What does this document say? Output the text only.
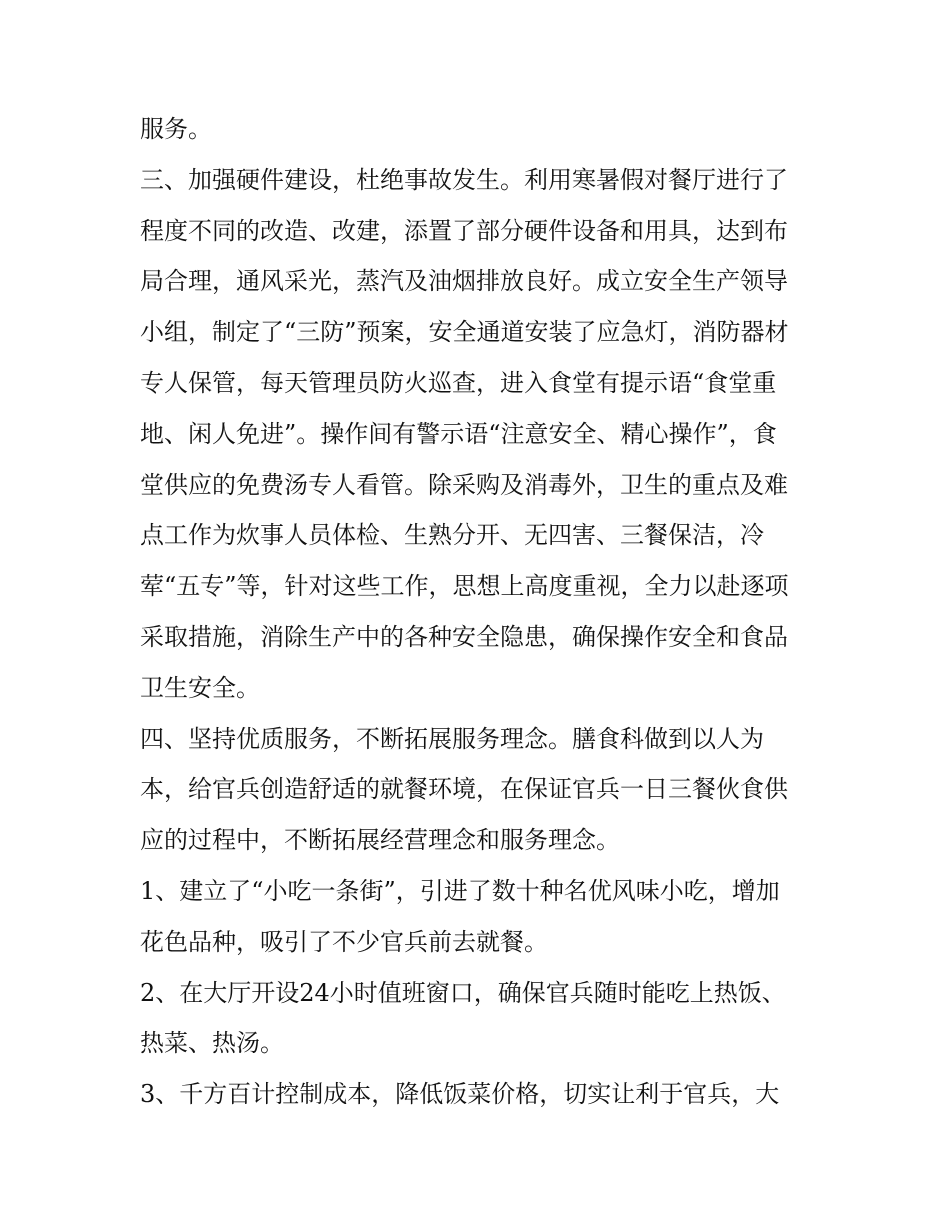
服务。
三、加强硬件建设，杜绝事故发生。利用寒暑假对餐厅进行了
程度不同的改造、改建，添置了部分硬件设备和用具，达到布
局合理，通风采光，蒸汽及油烟排放良好。成立安全生产领导
小组，制定了“三防”预案，安全通道安装了应急灯，消防器材
专人保管，每天管理员防火巡查，进入食堂有提示语“食堂重
地、闲人免进”。操作间有警示语“注意安全、精心操作”，食
堂供应的免费汤专人看管。除采购及消毒外，卫生的重点及难
点工作为炊事人员体检、生熟分开、无四害、三餐保洁，冷
荤“五专”等，针对这些工作，思想上高度重视，全力以赴逐项
采取措施，消除生产中的各种安全隐患，确保操作安全和食品
卫生安全。
四、坚持优质服务，不断拓展服务理念。膳食科做到以人为
本，给官兵创造舒适的就餐环境，在保证官兵一日三餐伙食供
应的过程中，不断拓展经营理念和服务理念。
1、建立了“小吃一条街”，引进了数十种名优风味小吃，增加
花色品种，吸引了不少官兵前去就餐。
2、在大厅开设24小时值班窗口，确保官兵随时能吃上热饭、
热菜、热汤。
3、千方百计控制成本，降低饭菜价格，切实让利于官兵，大
